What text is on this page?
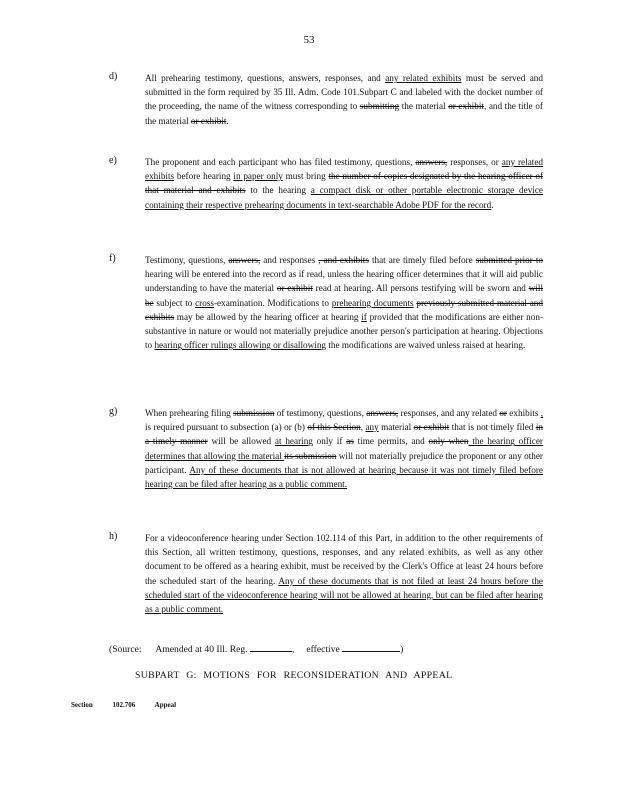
53
d)	All prehearing testimony, questions, answers, responses, and any related exhibits must be served and submitted in the form required by 35 Ill. Adm. Code 101.Subpart C and labeled with the docket number of the proceeding, the name of the witness corresponding to submitting the material or exhibit, and the title of the material or exhibit.
e)	The proponent and each participant who has filed testimony, questions, answers, responses, or any related exhibits before hearing in paper only must bring the number of copies designated by the hearing officer of that material and exhibits to the hearing a compact disk or other portable electronic storage device containing their respective prehearing documents in text-searchable Adobe PDF for the record.
f)	Testimony, questions, answers, and responses , and exhibits that are timely filed before submitted prior to hearing will be entered into the record as if read, unless the hearing officer determines that it will aid public understanding to have the material or exhibit read at hearing. All persons testifying will be sworn and will be subject to cross-examination. Modifications to prehearing documents previously submitted material and exhibits may be allowed by the hearing officer at hearing if provided that the modifications are either non-substantive in nature or would not materially prejudice another person's participation at hearing. Objections to hearing officer rulings allowing or disallowing the modifications are waived unless raised at hearing.
g)	When prehearing filing submission of testimony, questions, answers, responses, and any related or exhibits , is required pursuant to subsection (a) or (b) of this Section, any material or exhibit that is not timely filed in a timely manner will be allowed at hearing only if as time permits, and only when the hearing officer determines that allowing the material its submission will not materially prejudice the proponent or any other participant. Any of these documents that is not allowed at hearing because it was not timely filed before hearing can be filed after hearing as a public comment.
h)	For a videoconference hearing under Section 102.114 of this Part, in addition to the other requirements of this Section, all written testimony, questions, responses, and any related exhibits, as well as any other document to be offered as a hearing exhibit, must be received by the Clerk's Office at least 24 hours before the scheduled start of the hearing. Any of these documents that is not filed at least 24 hours before the scheduled start of the videoconference hearing will not be allowed at hearing, but can be filed after hearing as a public comment.
(Source: Amended at 40 Ill. Reg.	,     effective	)
SUBPART G: MOTIONS FOR RECONSIDERATION AND APPEAL
Section	102.706	Appeal
